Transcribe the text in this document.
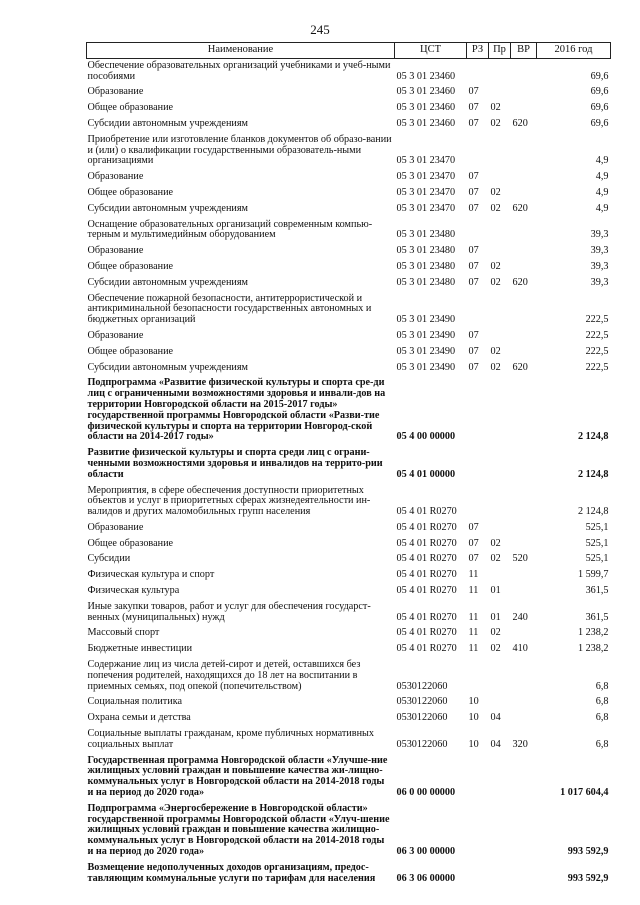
245
Наименование	ЦСТ	РЗ	Пр	ВР	2016 год
Обеспечение образовательных организаций учебниками и учеб-ными пособиями	05 3 01 23460				69,6
Образование	05 3 01 23460	07			69,6
Общее образование	05 3 01 23460	07	02		69,6
Субсидии автономным учреждениям	05 3 01 23460	07	02	620	69,6
Приобретение или изготовление бланков документов об образо-вании и (или) о квалификации государственными образователь-ными организациями	05 3 01 23470				4,9
Образование	05 3 01 23470	07			4,9
Общее образование	05 3 01 23470	07	02		4,9
Субсидии автономным учреждениям	05 3 01 23470	07	02	620	4,9
Оснащение образовательных организаций современным компью-терным и мультимедийным оборудованием	05 3 01 23480				39,3
Образование	05 3 01 23480	07			39,3
Общее образование	05 3 01 23480	07	02		39,3
Субсидии автономным учреждениям	05 3 01 23480	07	02	620	39,3
Обеспечение пожарной безопасности, антитеррористической и антикриминальной безопасности государственных автономных и бюджетных организаций	05 3 01 23490				222,5
Образование	05 3 01 23490	07			222,5
Общее образование	05 3 01 23490	07	02		222,5
Субсидии автономным учреждениям	05 3 01 23490	07	02	620	222,5
Подпрограмма «Развитие физической культуры и спорта сре-ди лиц с ограниченными возможностями здоровья и инвали-дов на территории Новгородской области на 2015-2017 годы» государственной программы Новгородской области «Разви-тие физической культуры и спорта на территории Новгород-ской области на 2014-2017 годы»	05 4 00 00000				2 124,8
Развитие физической культуры и спорта среди лиц с ограни-ченными возможностями здоровья и инвалидов на террито-рии области	05 4 01 00000				2 124,8
Мероприятия, в сфере обеспечения доступности приоритетных объектов и услуг в приоритетных сферах жизнедеятельности ин-валидов и других маломобильных групп населения	05 4 01 R0270				2 124,8
Образование	05 4 01 R0270	07			525,1
Общее образование	05 4 01 R0270	07	02		525,1
Субсидии	05 4 01 R0270	07	02	520	525,1
Физическая культура и спорт	05 4 01 R0270	11			1 599,7
Физическая культура	05 4 01 R0270	11	01		361,5
Иные закупки товаров, работ и услуг для обеспечения государст-венных (муниципальных) нужд	05 4 01 R0270	11	01	240	361,5
Массовый спорт	05 4 01 R0270	11	02		1 238,2
Бюджетные инвестиции	05 4 01 R0270	11	02	410	1 238,2
Содержание лиц из числа детей-сирот и детей, оставшихся без попечения родителей, находящихся до 18 лет на воспитании в приемных семьях, под опекой (попечительством)	0530122060				6,8
Социальная политика	0530122060	10			6,8
Охрана семьи и детства	0530122060	10	04		6,8
Социальные выплаты гражданам, кроме публичных нормативных социальных выплат	0530122060	10	04	320	6,8
Государственная программа Новгородской области «Улучше-ние жилищных условий граждан и повышение качества жи-лищно-коммунальных услуг в Новгородской области на 2014-2018 годы и на период до 2020 года»	06 0 00 00000				1 017 604,4
Подпрограмма «Энергосбережение в Новгородской области» государственной программы Новгородской области «Улуч-шение жилищных условий граждан и повышение качества жилищно-коммунальных услуг в Новгородской области на 2014-2018 годы и на период до 2020 года»	06 3 00 00000				993 592,9
Возмещение недополученных доходов организациям, предос-тавляющим коммунальные услуги по тарифам для населения	06 3 06 00000				993 592,9
